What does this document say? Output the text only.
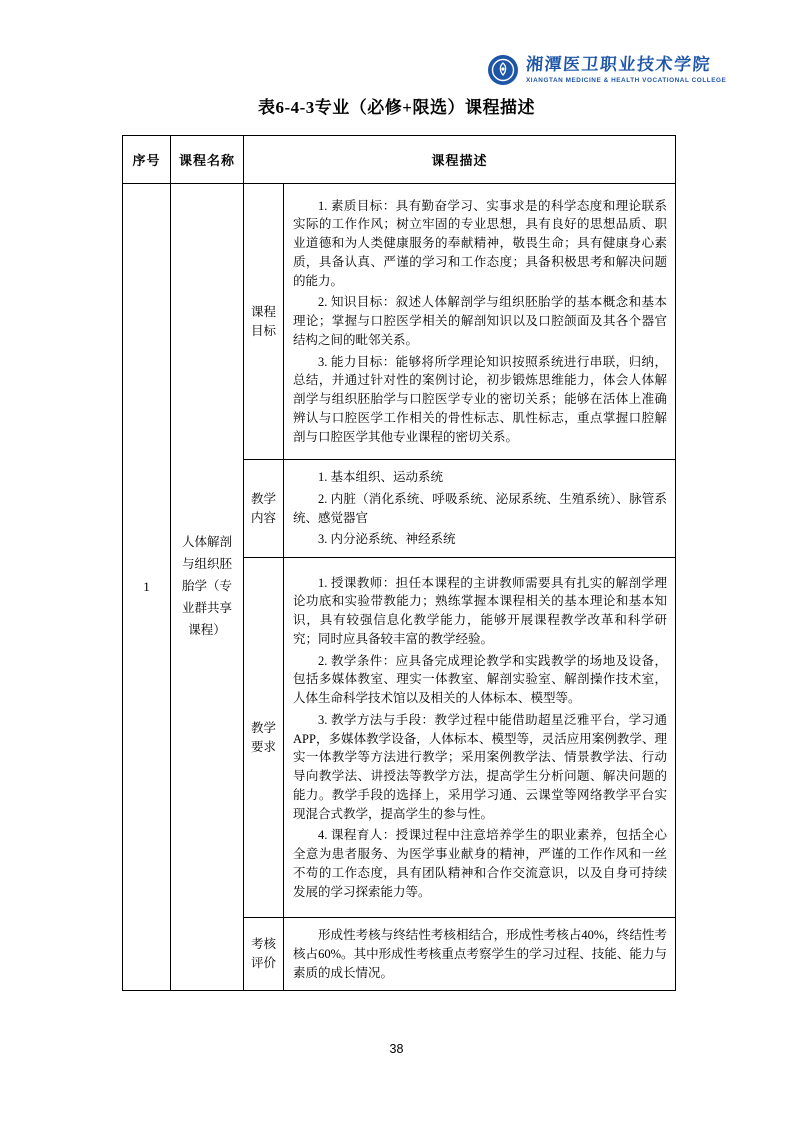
湘潭医卫职业技术学院
XIANGTAN MEDICINE & HEALTH VOCATIONAL COLLEGE
表6-4-3专业（必修+限选）课程描述
序号	课程名称	课程描述	
1	人体解剖与组织胚胎学（专业群共享课程）	课程目标	1. 素质目标：具有勤奋学习、实事求是的科学态度和理论联系实际的工作作风；树立牢固的专业思想，具有良好的思想品质、职业道德和为人类健康服务的奉献精神，敬畏生命；具有健康身心素质，具备认真、严谨的学习和工作态度；具备积极思考和解决问题的能力。

2. 知识目标：叙述人体解剖学与组织胚胎学的基本概念和基本理论；掌握与口腔医学相关的解剖知识以及口腔颌面及其各个器官结构之间的毗邻关系。

3. 能力目标：能够将所学理论知识按照系统进行串联，归纳，总结，并通过针对性的案例讨论，初步锻炼思维能力，体会人体解剖学与组织胚胎学与口腔医学专业的密切关系；能够在活体上准确辨认与口腔医学工作相关的骨性标志、肌性标志，重点掌握口腔解剖与口腔医学其他专业课程的密切关系。

		教学内容	1. 基本组织、运动系统

2. 内脏（消化系统、呼吸系统、泌尿系统、生殖系统）、脉管系统、感觉器官

3. 内分泌系统、神经系统

		教学要求	1. 授课教师：担任本课程的主讲教师需要具有扎实的解剖学理论功底和实验带教能力；熟练掌握本课程相关的基本理论和基本知识，具有较强信息化教学能力，能够开展课程教学改革和科学研究；同时应具备较丰富的教学经验。

2. 教学条件：应具备完成理论教学和实践教学的场地及设备，包括多媒体教室、理实一体教室、解剖实验室、解剖操作技术室，人体生命科学技术馆以及相关的人体标本、模型等。

3. 教学方法与手段：教学过程中能借助超星泛雅平台，学习通APP，多媒体教学设备，人体标本、模型等，灵活应用案例教学、理实一体教学等方法进行教学；采用案例教学法、情景教学法、行动导向教学法、讲授法等教学方法，提高学生分析问题、解决问题的能力。教学手段的选择上，采用学习通、云课堂等网络教学平台实现混合式教学，提高学生的参与性。

4. 课程育人：授课过程中注意培养学生的职业素养，包括全心全意为患者服务、为医学事业献身的精神，严谨的工作作风和一丝不苟的工作态度，具有团队精神和合作交流意识，以及自身可持续发展的学习探索能力等。

		考核评价	形成性考核与终结性考核相结合，形成性考核占40%，终结性考核占60%。其中形成性考核重点考察学生的学习过程、技能、能力与素质的成长情况。

38
